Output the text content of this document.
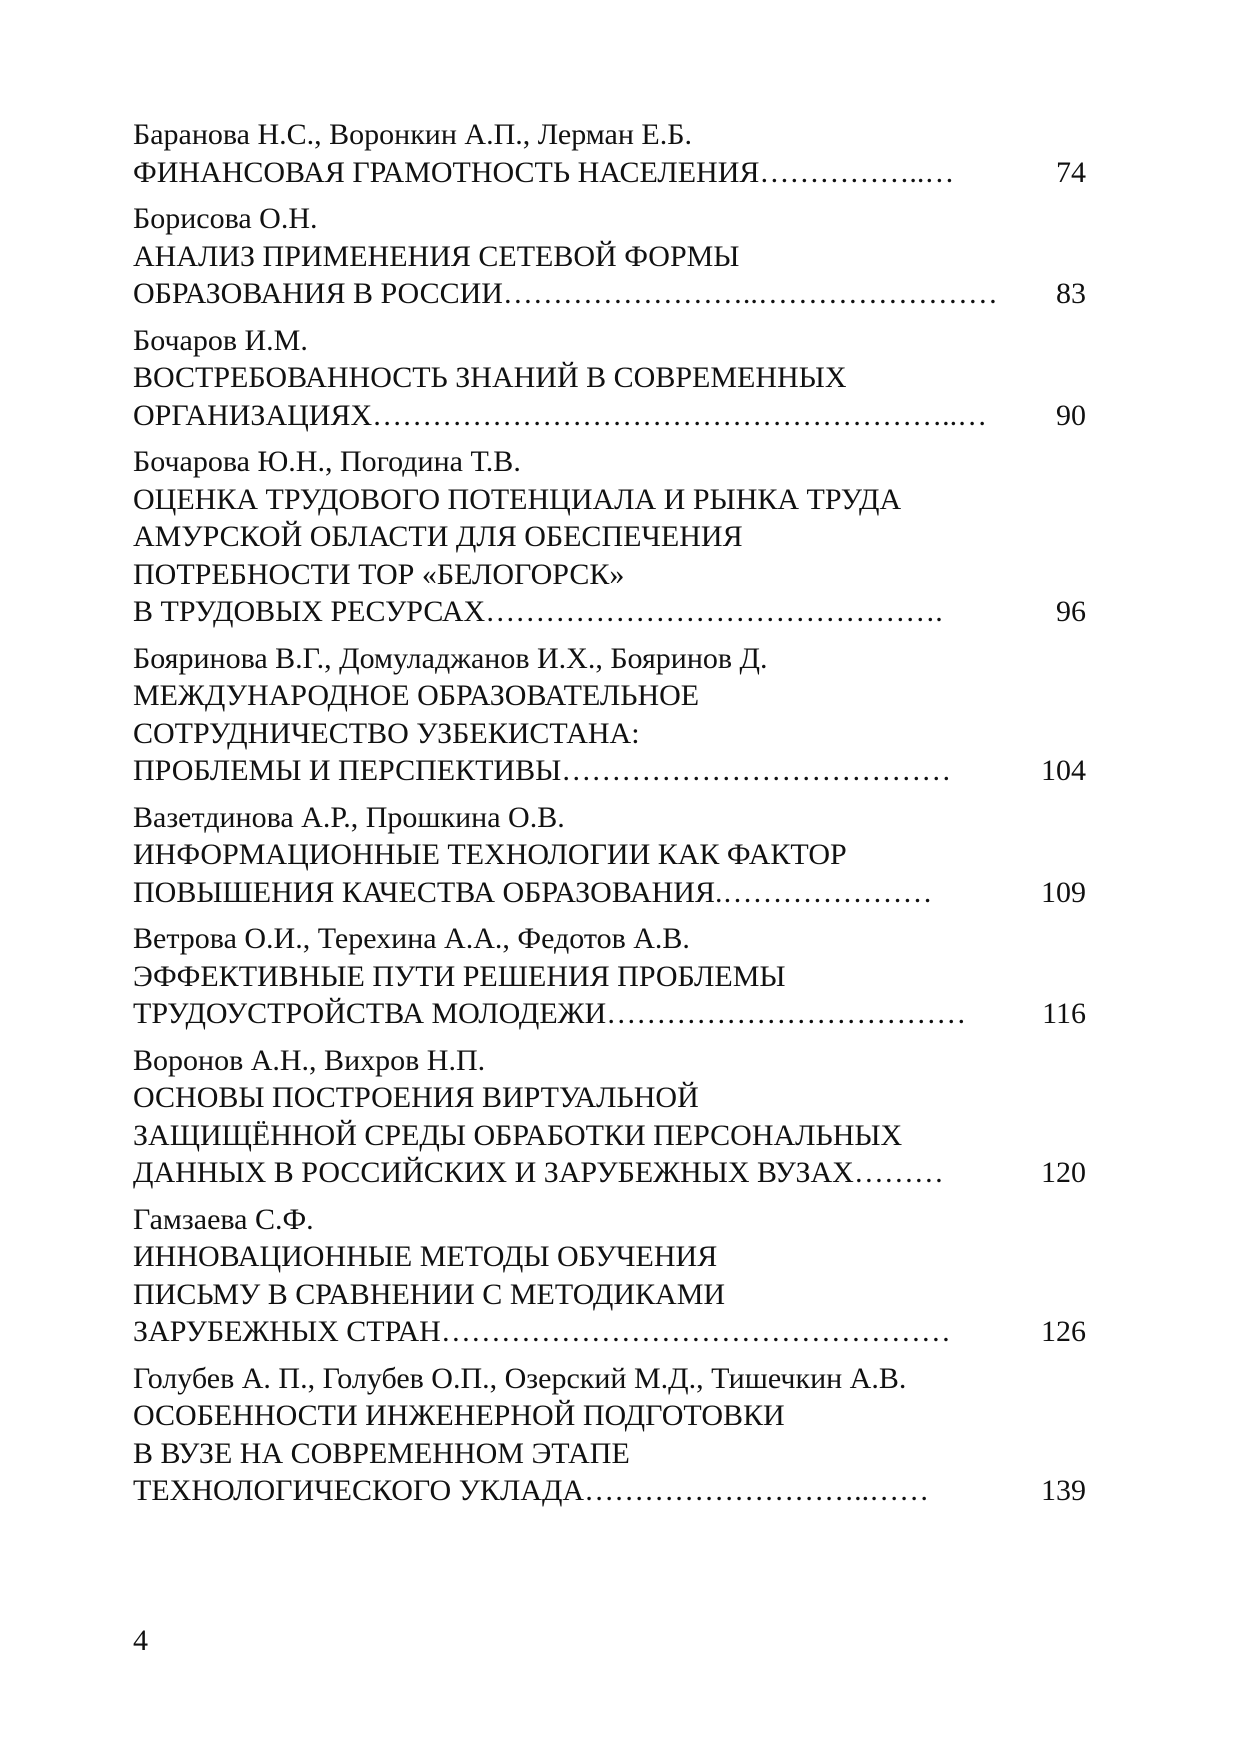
Баранова Н.С., Воронкин А.П., Лерман Е.Б.
ФИНАНСОВАЯ ГРАМОТНОСТЬ НАСЕЛЕНИЯ ……………..…	74
Борисова О.Н.
АНАЛИЗ ПРИМЕНЕНИЯ СЕТЕВОЙ ФОРМЫ
ОБРАЗОВАНИЯ В РОССИИ ……………………..……………………	83
Бочаров И.М.
ВОСТРЕБОВАННОСТЬ ЗНАНИЙ В СОВРЕМЕННЫХ
ОРГАНИЗАЦИЯХ …………………………………………………..…	90
Бочарова Ю.Н., Погодина Т.В.
ОЦЕНКА ТРУДОВОГО ПОТЕНЦИАЛА И РЫНКА ТРУДА
АМУРСКОЙ ОБЛАСТИ ДЛЯ ОБЕСПЕЧЕНИЯ
ПОТРЕБНОСТИ ТОР «БЕЛОГОРСК»
В ТРУДОВЫХ РЕСУРСАХ ……………………………………….	96
Бояринова В.Г., Домуладжанов И.Х., Бояринов Д.
МЕЖДУНАРОДНОЕ ОБРАЗОВАТЕЛЬНОЕ
СОТРУДНИЧЕСТВО УЗБЕКИСТАНА:
ПРОБЛЕМЫ И ПЕРСПЕКТИВЫ …………………………………	104
Вазетдинова А.Р., Прошкина О.В.
ИНФОРМАЦИОННЫЕ ТЕХНОЛОГИИ КАК ФАКТОР
ПОВЫШЕНИЯ КАЧЕСТВА ОБРАЗОВАНИЯ. …………………	109
Ветрова О.И., Терехина А.А., Федотов А.В.
ЭФФЕКТИВНЫЕ ПУТИ РЕШЕНИЯ ПРОБЛЕМЫ
ТРУДОУСТРОЙСТВА МОЛОДЕЖИ ………………………………	116
Воронов А.Н., Вихров Н.П.
ОСНОВЫ ПОСТРОЕНИЯ ВИРТУАЛЬНОЙ
ЗАЩИЩЁННОЙ СРЕДЫ ОБРАБОТКИ ПЕРСОНАЛЬНЫХ
ДАННЫХ В РОССИЙСКИХ И ЗАРУБЕЖНЫХ ВУЗАХ ………	120
Гамзаева С.Ф.
ИННОВАЦИОННЫЕ МЕТОДЫ ОБУЧЕНИЯ
ПИСЬМУ В СРАВНЕНИИ С МЕТОДИКАМИ
ЗАРУБЕЖНЫХ СТРАН ……………………………………………	126
Голубев А. П., Голубев О.П., Озерский М.Д., Тишечкин А.В.
ОСОБЕННОСТИ ИНЖЕНЕРНОЙ ПОДГОТОВКИ
В ВУЗЕ НА СОВРЕМЕННОМ ЭТАПЕ
ТЕХНОЛОГИЧЕСКОГО УКЛАДА ………………………..……	139
4
